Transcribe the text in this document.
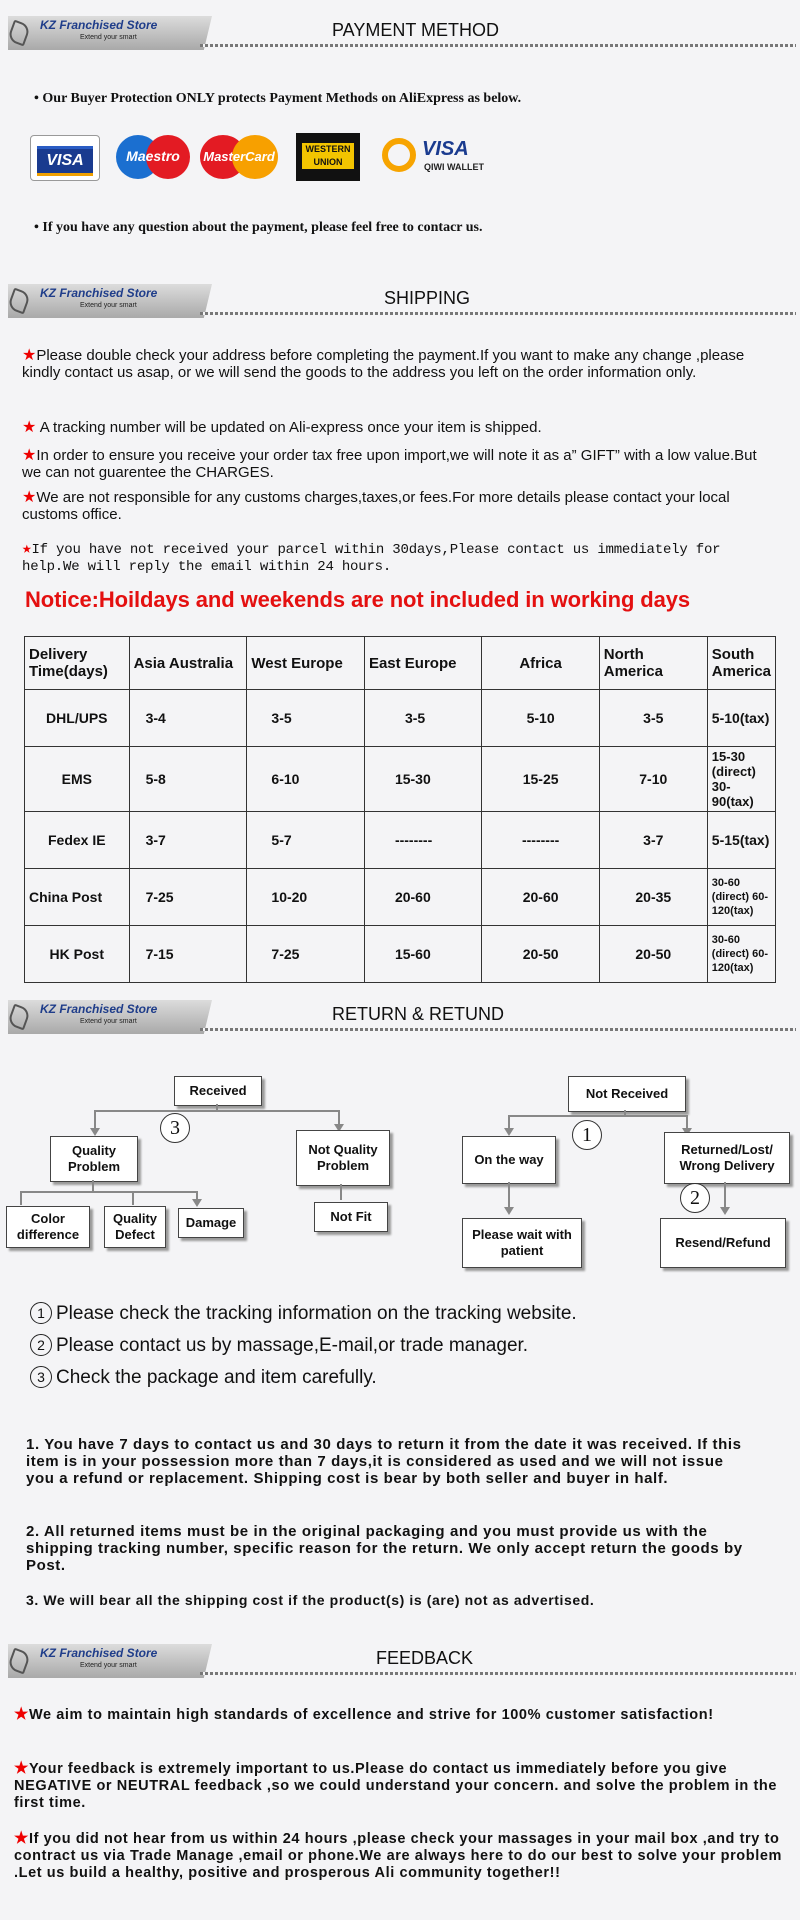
KZ Franchised Store
Extend your smart	PAYMENT METHOD
• Our Buyer Protection ONLY protects Payment Methods on AliExpress as below.
VISA	Maestro	MasterCard	WESTERN UNION
VISA
QIWI WALLET
• If you have any question about the payment, please feel free to contacr us.
KZ Franchised Store
Extend your smart	SHIPPING
★Please double check your address before completing the payment.If you want to make any change ,please kindly contact us asap, or we will send the goods to the address you left on the order information only.
★ A tracking number will be updated on Ali-express once your item is shipped.
★In order to ensure you receive your order tax free upon import,we will note it as a” GIFT” with a low value.But we can not guarentee the CHARGES.
★We are not responsible for any customs charges,taxes,or fees.For more details please contact your local customs office.
★If you have not received your parcel within 30days,Please contact us immediately for help.We will reply the email within 24 hours.
Notice:Hoildays and weekends are not included in working days
Delivery Time(days)	Asia Australia	West Europe	East Europe	Africa	North America	South America
DHL/UPS	3-4	3-5	3-5	5-10	3-5	5-10(tax)
EMS	5-8	6-10	15-30	15-25	7-10	15-30 (direct) 30-90(tax)
Fedex IE	3-7	5-7	--------	--------	3-7	5-15(tax)
China Post	7-25	10-20	20-60	20-60	20-35	30-60 (direct) 60-120(tax)
HK Post	7-15	7-25	15-60	20-50	20-50	30-60 (direct) 60-120(tax)
KZ Franchised Store
Extend your smart	RETURN & RETUND
Received
3
Quality Problem
Not Quality Problem
Color difference
Quality Defect
Damage	Not Fit
Not Received
1
On the way
Returned/Lost/ Wrong Delivery
2
Please wait with patient
Resend/Refund
1 Please check the tracking information on the tracking website.
2 Please contact us by massage,E-mail,or trade manager.
3 Check the package and item carefully.
1. You have 7 days to contact us and 30 days to return it from the date it was received. If this item is in your possession more than 7 days,it is considered as used and we will not issue you a refund or replacement. Shipping cost is bear by both seller and buyer in half.
2. All returned items must be in the original packaging and you must provide us with the shipping tracking number, specific reason for the return. We only accept return the goods by Post.
3. We will bear all the shipping cost if the product(s) is (are) not as advertised.
KZ Franchised Store
Extend your smart	FEEDBACK
★We aim to maintain high standards of excellence and strive for 100% customer satisfaction!
★Your feedback is extremely important to us.Please do contact us immediately before you give NEGATIVE or NEUTRAL feedback ,so we could understand your concern. and solve the problem in the first time.
★If you did not hear from us within 24 hours ,please check your massages in your mail box ,and try to contract us via Trade Manage ,email or phone.We are always here to do our best to solve your problem .Let us build a healthy, positive and prosperous Ali community together!!
